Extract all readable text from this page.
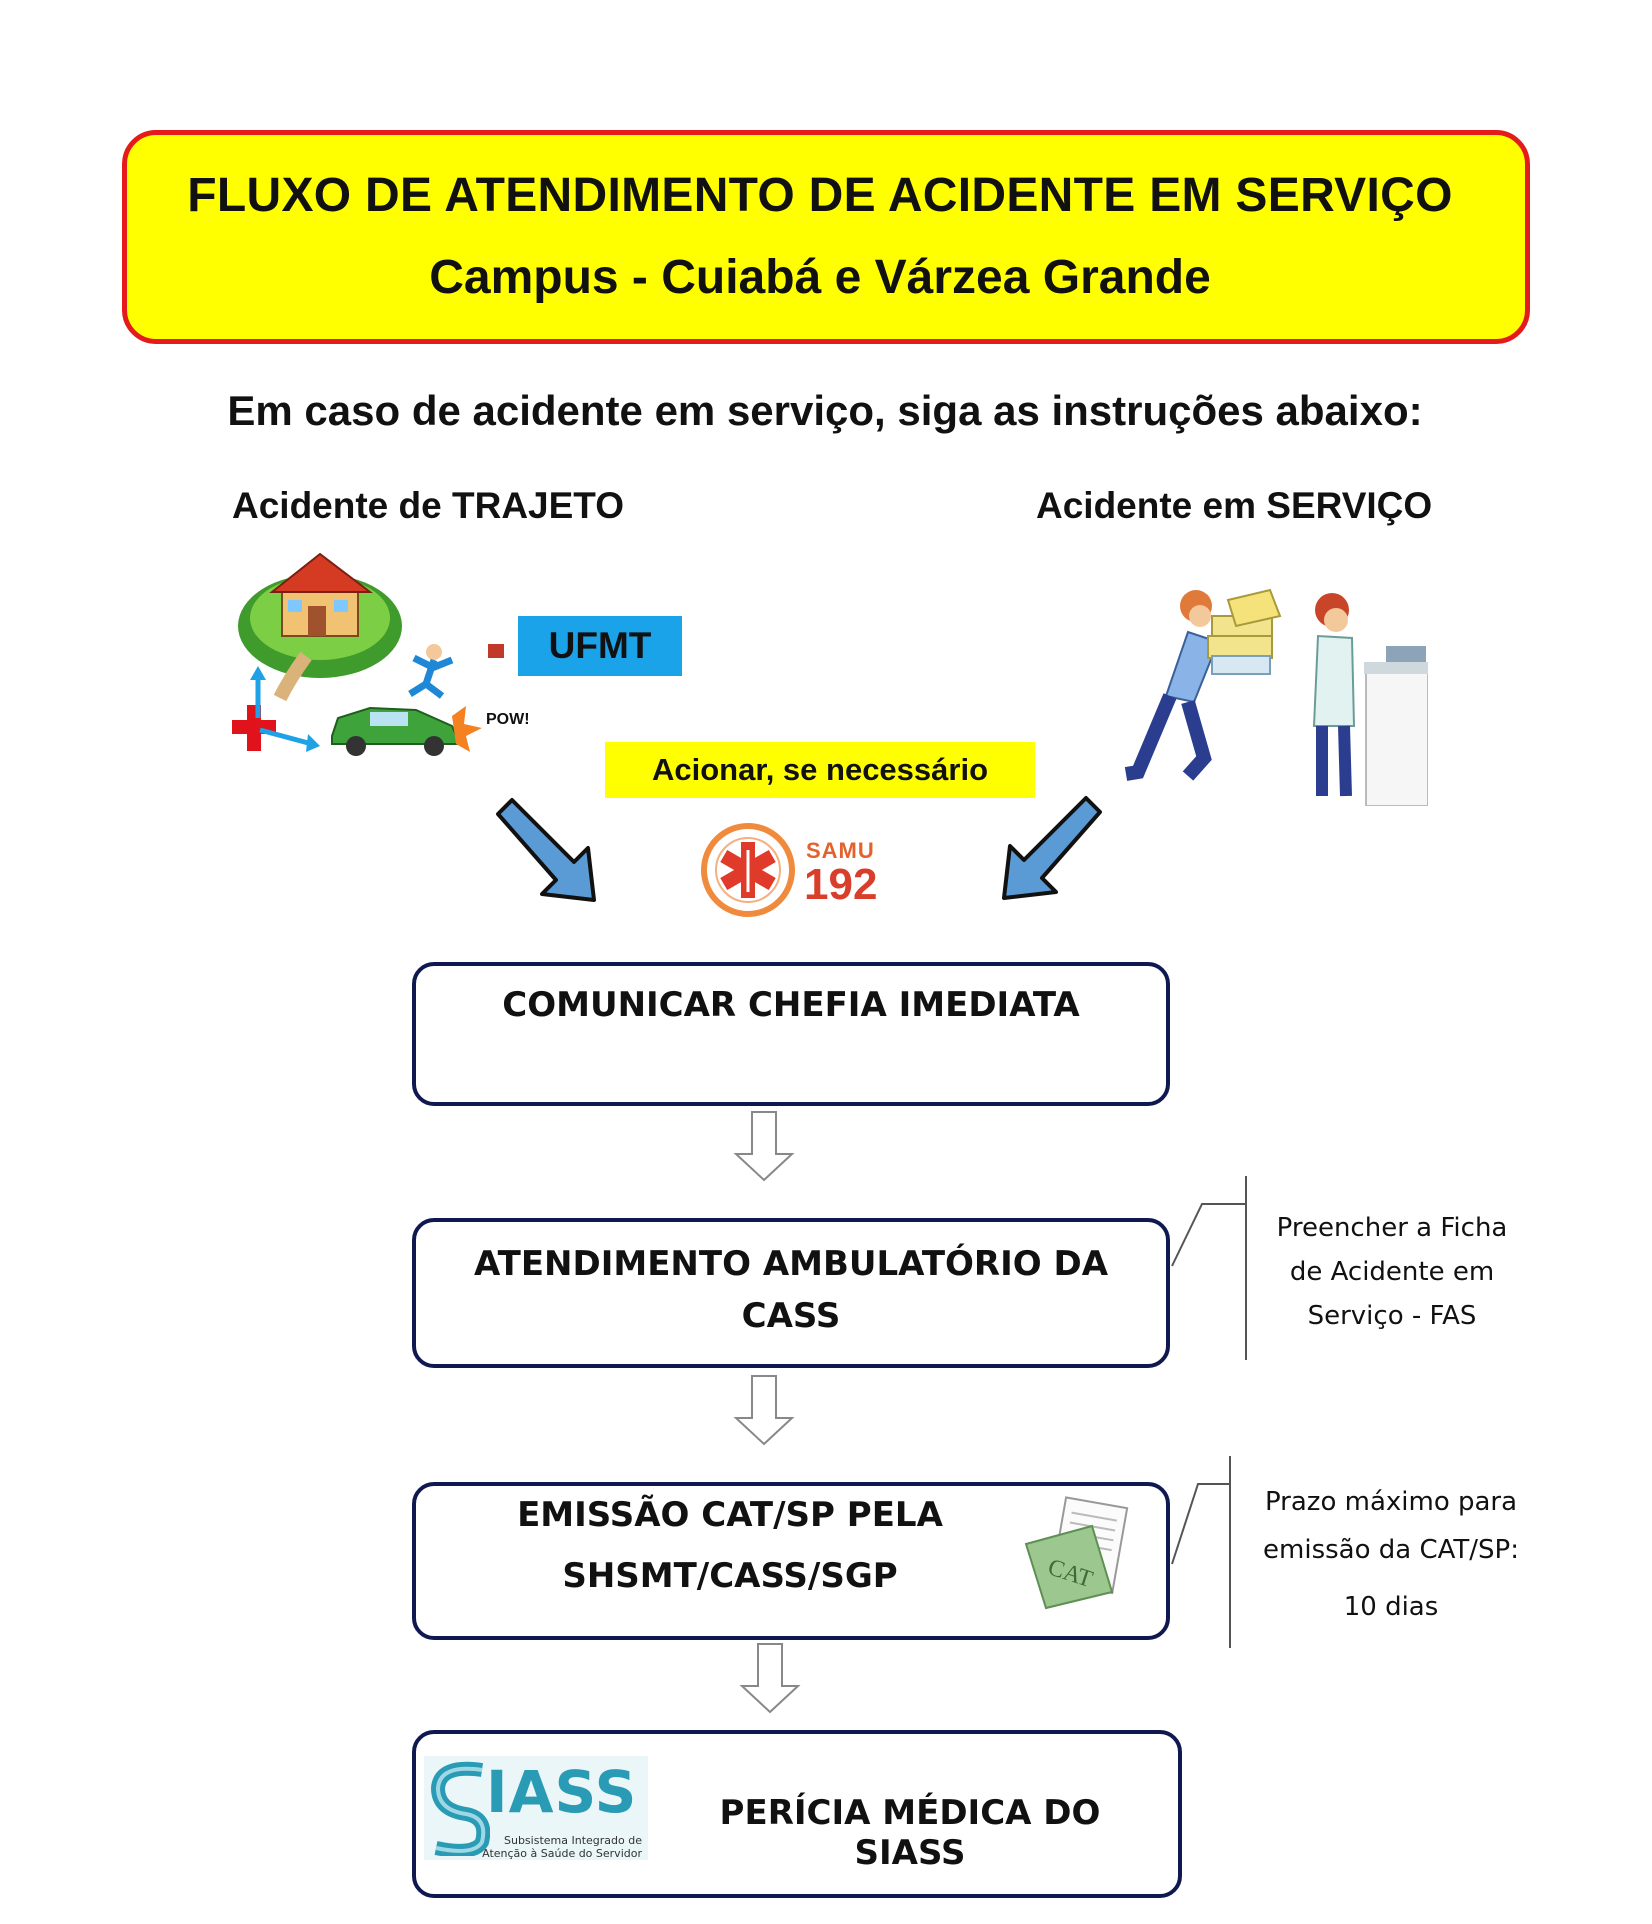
FLUXO DE ATENDIMENTO DE ACIDENTE EM SERVIÇO
Campus - Cuiabá e Várzea Grande
Em caso de acidente em serviço, siga as instruções abaixo:
Acidente de TRAJETO	Acidente em SERVIÇO
POW!
UFMT
Acionar, se necessário
SAMU
192
COMUNICAR CHEFIA IMEDIATA
ATENDIMENTO AMBULATÓRIO DA CASS
Preencher a Ficha de Acidente em Serviço - FAS
EMISSÃO CAT/SP PELA
SHSMT/CASS/SGP	CAT
Prazo máximo para emissão da CAT/SP:
10 dias
IASS
Subsistema Integrado de
Atenção à Saúde do Servidor
PERÍCIA MÉDICA DO SIASS
